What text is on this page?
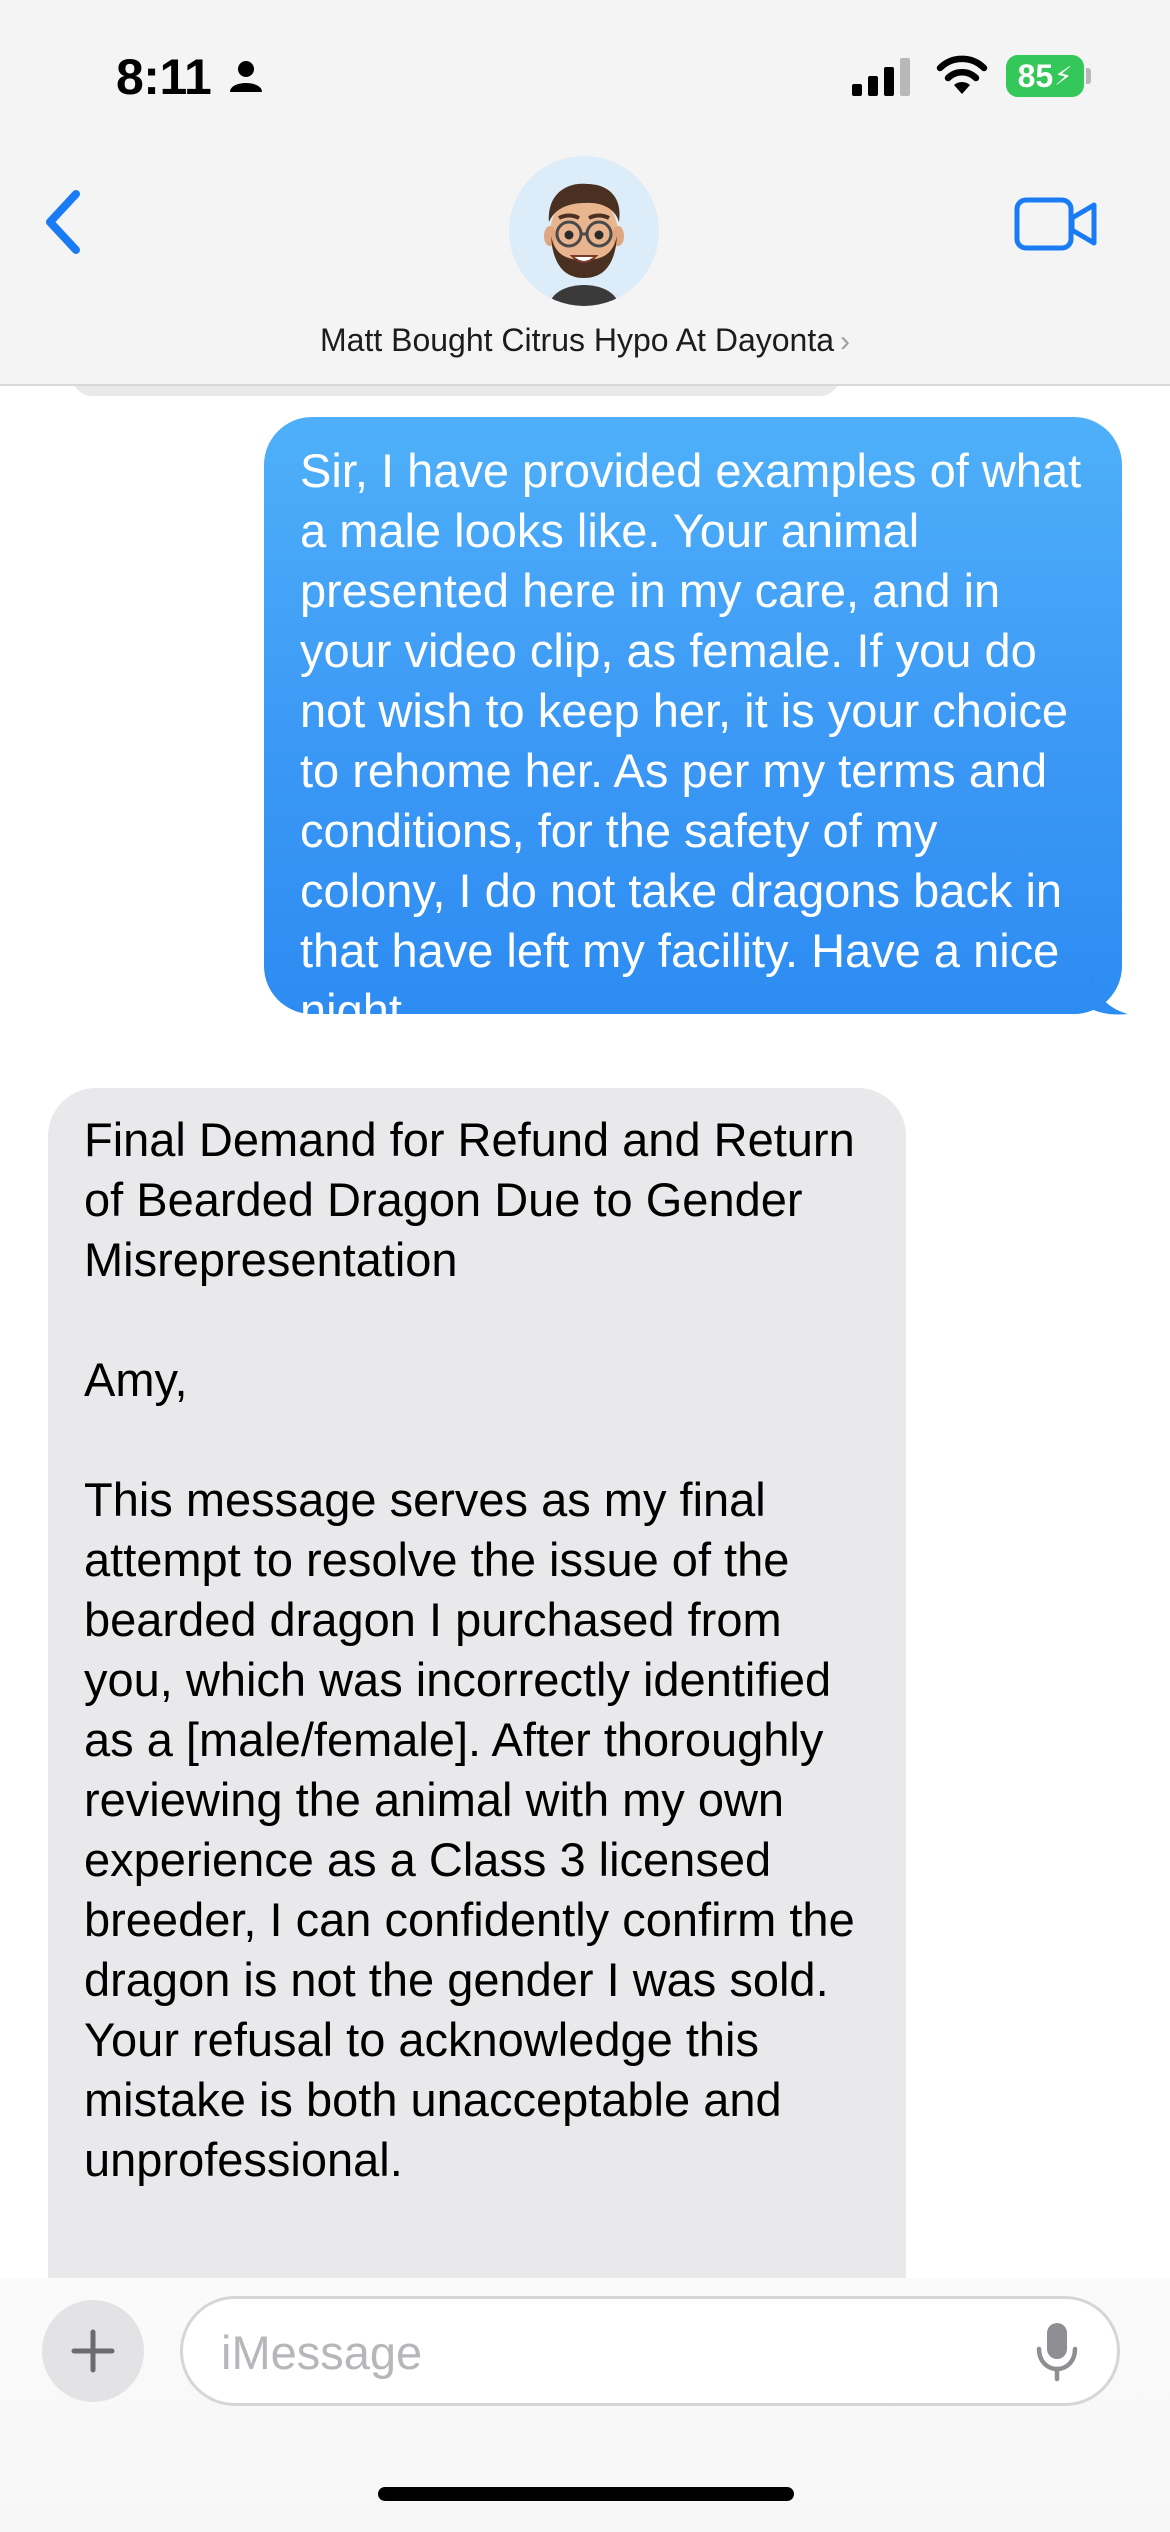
8:11	85 ⚡
Matt Bought Citrus Hypo At Dayonta ›
Sir, I have provided examples of what a male looks like. Your animal presented here in my care, and in your video clip, as female. If you do not wish to keep her, it is your choice to rehome her. As per my terms and conditions, for the safety of my colony, I do not take dragons back in that have left my facility. Have a nice night.
Final Demand for Refund and Return of Bearded Dragon Due to Gender Misrepresentation

Amy,

This message serves as my final attempt to resolve the issue of the bearded dragon I purchased from you, which was incorrectly identified as a [male/female]. After thoroughly reviewing the animal with my own experience as a Class 3 licensed breeder, I can confidently confirm the dragon is not the gender I was sold. Your refusal to acknowledge this mistake is both unacceptable and unprofessional.
iMessage
